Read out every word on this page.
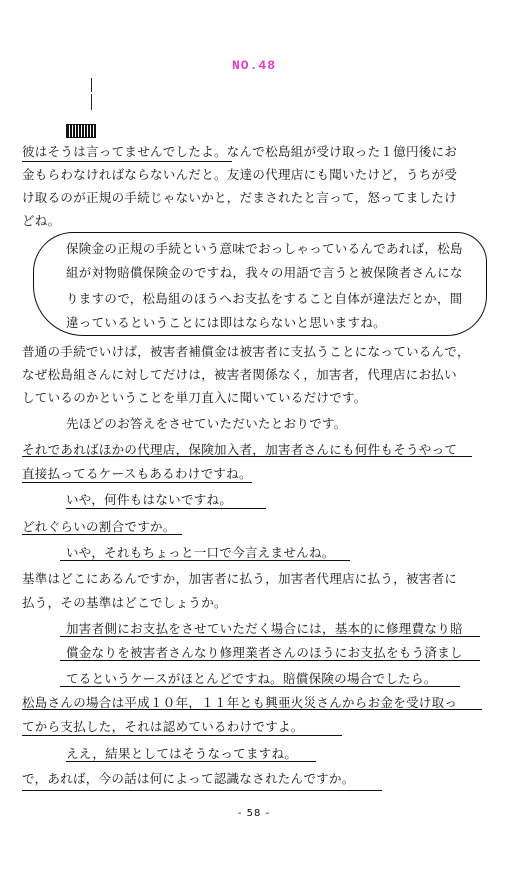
NO.48
彼はそうは言ってませんでしたよ。なんで松島組が受け取った１億円後にお
金もらわなければならないんだと。友達の代理店にも聞いたけど，うちが受
け取るのが正規の手続じゃないかと，だまされたと言って，怒ってましたけ
どね。
保険金の正規の手続という意味でおっしゃっているんであれば，松島
組が対物賠償保険金のですね，我々の用語で言うと被保険者さんにな
りますので，松島組のほうへお支払をすること自体が違法だとか，間
違っているということには即はならないと思いますね。
普通の手続でいけば，被害者補償金は被害者に支払うことになっているんで，
なぜ松島組さんに対してだけは，被害者関係なく，加害者，代理店にお払い
しているのかということを単刀直入に聞いているだけです。
先ほどのお答えをさせていただいたとおりです。
それであればほかの代理店，保険加入者，加害者さんにも何件もそうやって
直接払ってるケースもあるわけですね。
いや，何件もはないですね。
どれぐらいの割合ですか。
いや，それもちょっと一口で今言えませんね。
基準はどこにあるんですか，加害者に払う，加害者代理店に払う，被害者に
払う，その基準はどこでしょうか。
加害者側にお支払をさせていただく場合には，基本的に修理費なり賠
償金なりを被害者さんなり修理業者さんのほうにお支払をもう済まし
てるというケースがほとんどですね。賠償保険の場合でしたら。
松島さんの場合は平成１０年，１１年とも興亜火災さんからお金を受け取っ
てから支払した，それは認めているわけですよ。
ええ，結果としてはそうなってますね。
で，あれば，今の話は何によって認識なされたんですか。
- 58 -
